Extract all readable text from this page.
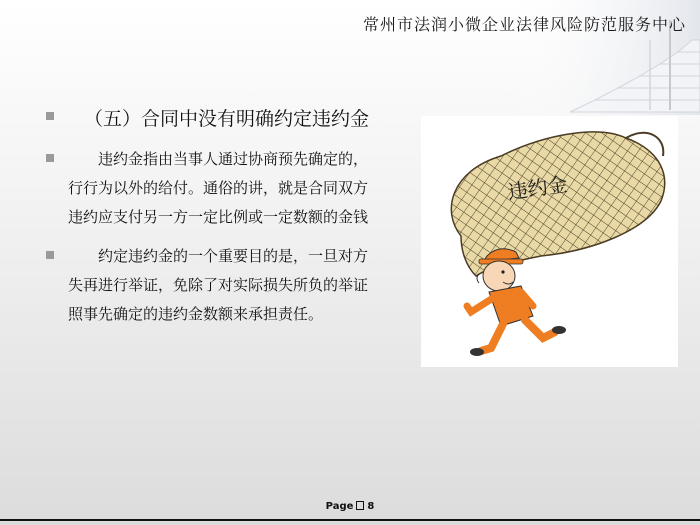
常州市法润小微企业法律风险防范服务中心
（五）合同中没有明确约定违约金
　　违约金指由当事人通过协商预先确定的，
行行为以外的给付。通俗的讲，就是合同双方
违约应支付另一方一定比例或一定数额的金钱
　　约定违约金的一个重要目的是，一旦对方
失再进行举证，免除了对实际损失所负的举证
照事先确定的违约金数额来承担责任。
违约金
Page 8
